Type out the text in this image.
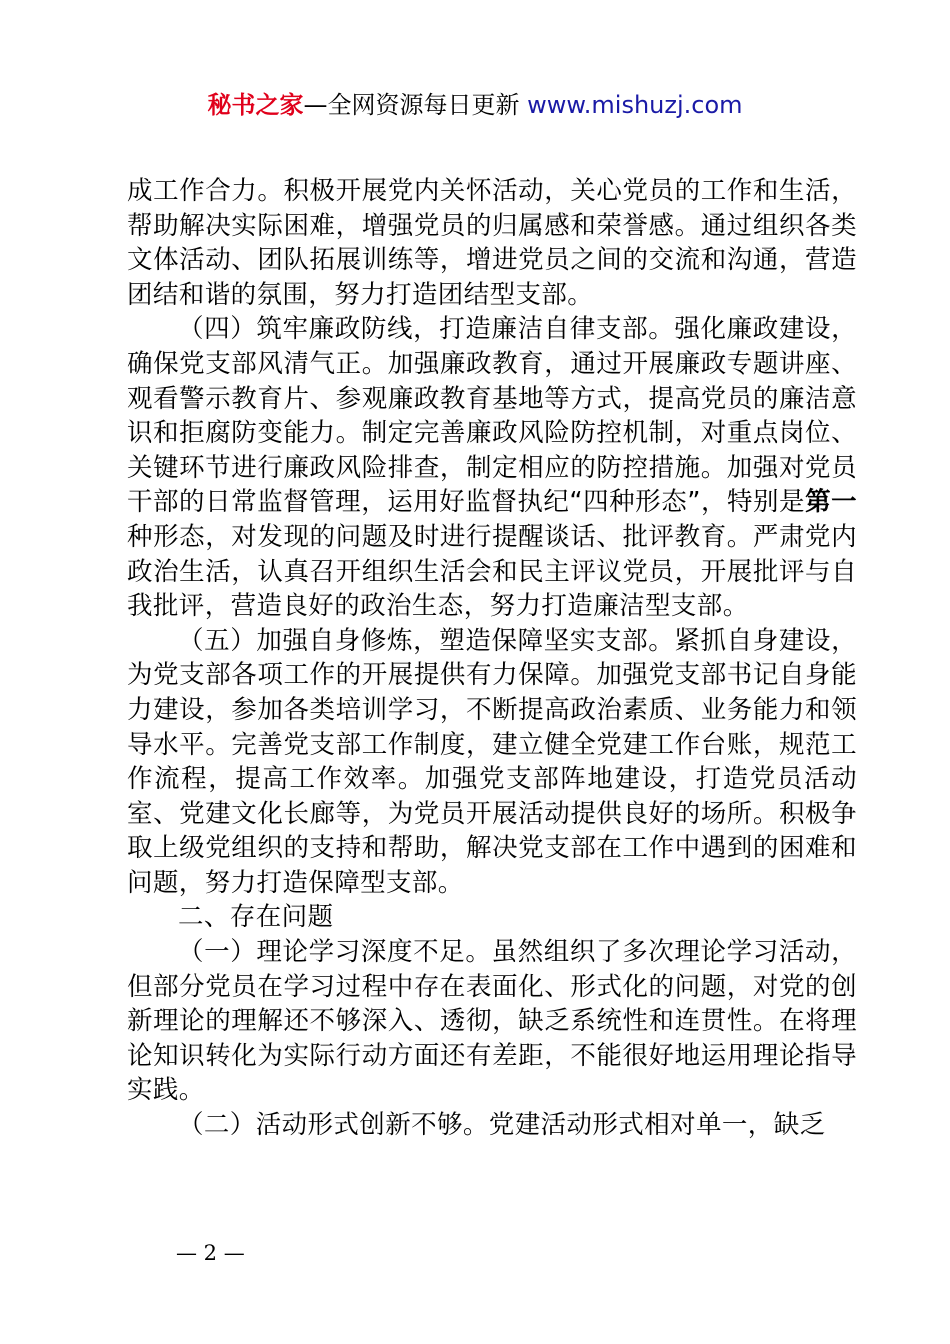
秘书之家—全网资源每日更新 www.mishuzj.com

成工作合力。积极开展党内关怀活动，关心党员的工作和生活，帮助解决实际困难，增强党员的归属感和荣誉感。通过组织各类文体活动、团队拓展训练等，增进党员之间的交流和沟通，营造团结和谐的氛围，努力打造团结型支部。

（四）筑牢廉政防线，打造廉洁自律支部。强化廉政建设，确保党支部风清气正。加强廉政教育，通过开展廉政专题讲座、观看警示教育片、参观廉政教育基地等方式，提高党员的廉洁意识和拒腐防变能力。制定完善廉政风险防控机制，对重点岗位、关键环节进行廉政风险排查，制定相应的防控措施。加强对党员干部的日常监督管理，运用好监督执纪“四种形态”，特别是第一种形态，对发现的问题及时进行提醒谈话、批评教育。严肃党内政治生活，认真召开组织生活会和民主评议党员，开展批评与自我批评，营造良好的政治生态，努力打造廉洁型支部。

（五）加强自身修炼，塑造保障坚实支部。紧抓自身建设，为党支部各项工作的开展提供有力保障。加强党支部书记自身能力建设，参加各类培训学习，不断提高政治素质、业务能力和领导水平。完善党支部工作制度，建立健全党建工作台账，规范工作流程，提高工作效率。加强党支部阵地建设，打造党员活动室、党建文化长廊等，为党员开展活动提供良好的场所。积极争取上级党组织的支持和帮助，解决党支部在工作中遇到的困难和问题，努力打造保障型支部。

二、存在问题

（一）理论学习深度不足。虽然组织了多次理论学习活动，但部分党员在学习过程中存在表面化、形式化的问题，对党的创新理论的理解还不够深入、透彻，缺乏系统性和连贯性。在将理论知识转化为实际行动方面还有差距，不能很好地运用理论指导实践。

（二）活动形式创新不够。党建活动形式相对单一，缺乏

— 2 —
